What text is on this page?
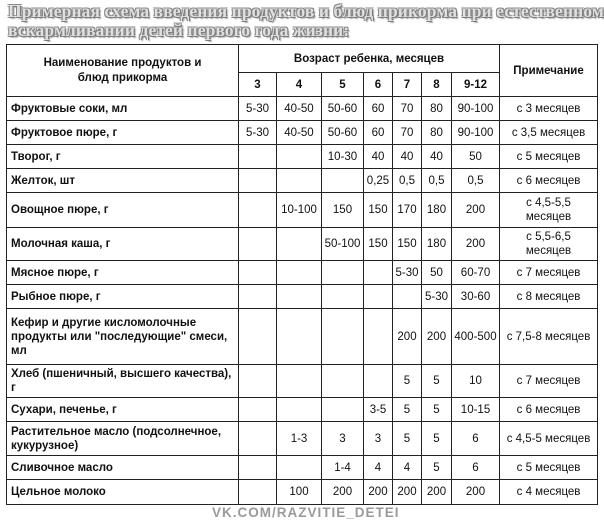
Примерная схема введения продуктов и блюд прикорма при естественном
вскармливании детей первого года жизни:
Наименование продуктов и блюд прикорма	Возраст ребенка, месяцев							Примечание
	3	4	5	6	7	8	9-12	
Фруктовые соки, мл	5-30	40-50	50-60	60	70	80	90-100	с 3 месяцев
Фруктовое пюре, г	5-30	40-50	50-60	60	70	80	90-100	с 3,5 месяцев
Творог, г			10-30	40	40	40	50	с 5 месяцев
Желток, шт				0,25	0,5	0,5	0,5	с 6 месяцев
Овощное пюре, г		10-100	150	150	170	180	200	с 4,5-5,5 месяцев
Молочная каша, г			50-100	150	150	180	200	с 5,5-6,5 месяцев
Мясное пюре, г					5-30	50	60-70	с 7 месяцев
Рыбное пюре, г						5-30	30-60	с 8 месяцев
Кефир и другие кисломолочные продукты или "последующие" смеси, мл					200	200	400-500	с 7,5-8 месяцев
Хлеб (пшеничный, высшего качества), г					5	5	10	с 7 месяцев
Сухари, печенье, г				3-5	5	5	10-15	с 6 месяцев
Растительное масло (подсолнечное, кукурузное)		1-3	3	3	5	5	6	с 4,5-5 месяцев
Сливочное масло			1-4	4	4	5	6	с 5 месяцев
Цельное молоко		100	200	200	200	200	200	с 4 месяцев
VK.COM/RAZVITIE_DETEI
